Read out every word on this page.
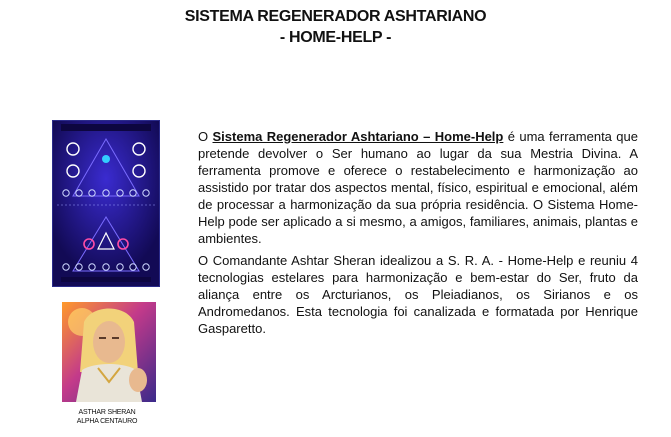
SISTEMA REGENERADOR ASHTARIANO
- HOME-HELP -
ASTHAR SHERAN
ALPHA CENTAURO

O Sistema Regenerador Ashtariano – Home-Help é uma ferramenta que pretende devolver o Ser humano ao lugar da sua Mestria Divina. A ferramenta promove e oferece o restabelecimento e harmonização ao assistido por tratar dos aspectos mental, físico, espiritual e emocional, além de processar a harmonização da sua própria residência. O Sistema Home-Help pode ser aplicado a si mesmo, a amigos, familiares, animais, plantas e ambientes.

O Comandante Ashtar Sheran idealizou a S. R. A. - Home-Help e reuniu 4 tecnologias estelares para harmonização e bem-estar do Ser, fruto da aliança entre os Arcturianos, os Pleiadianos, os Sirianos e os Andromedanos. Esta tecnologia foi canalizada e formatada por Henrique Gasparetto.
